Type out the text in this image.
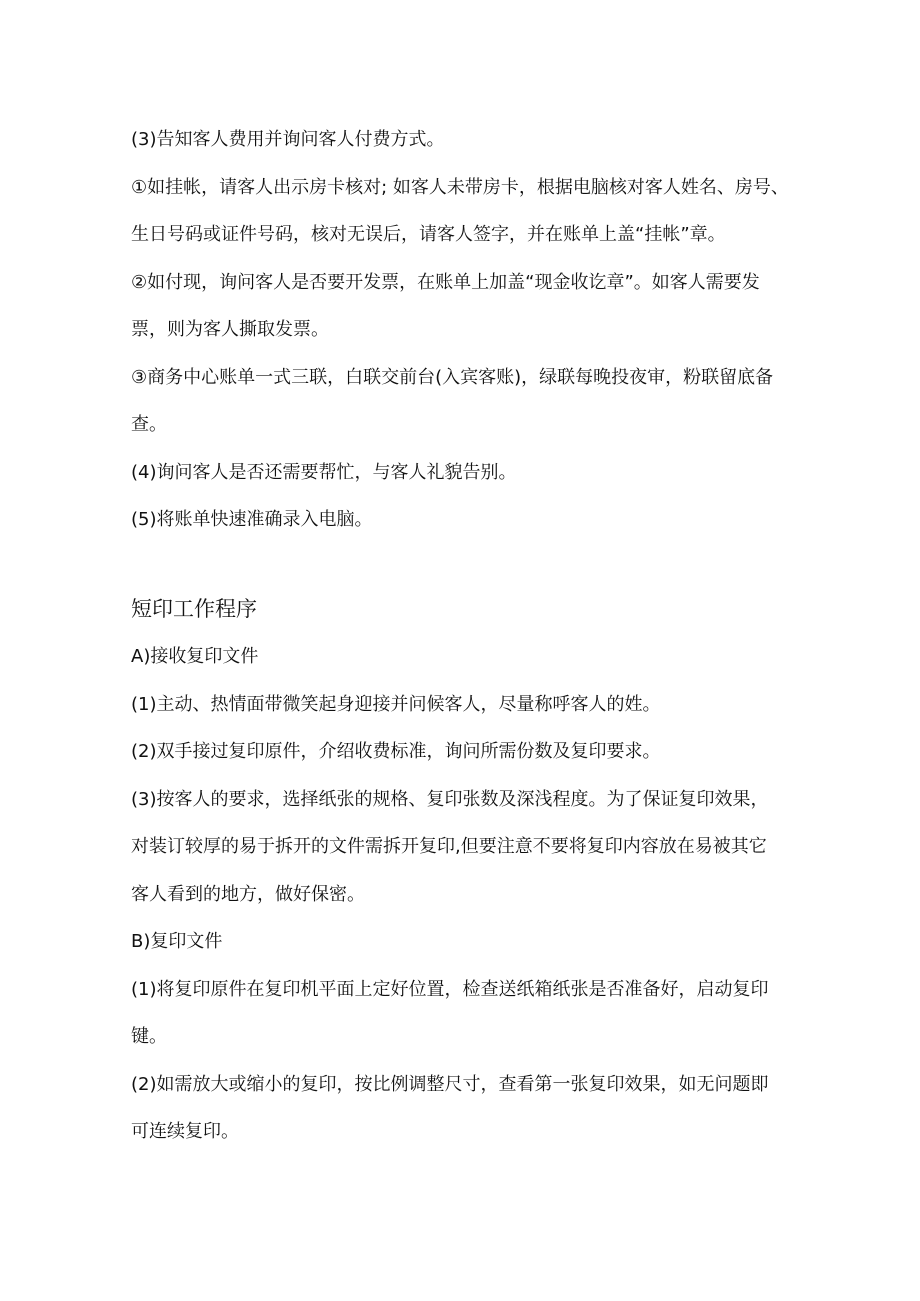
(3)告知客人费用并询问客人付费方式。

①如挂帐，请客人出示房卡核对; 如客人未带房卡，根据电脑核对客人姓名、房号、

生日号码或证件号码，核对无误后，请客人签字，并在账单上盖“挂帐”章。

②如付现，询问客人是否要开发票，在账单上加盖“现金收讫章”。如客人需要发

票，则为客人撕取发票。

③商务中心账单一式三联，白联交前台(入宾客账)，绿联每晚投夜审，粉联留底备

查。

(4)询问客人是否还需要帮忙，与客人礼貌告别。

(5)将账单快速准确录入电脑。

短印工作程序

A)接收复印文件

(1)主动、热情面带微笑起身迎接并问候客人，尽量称呼客人的姓。

(2)双手接过复印原件，介绍收费标准，询问所需份数及复印要求。

(3)按客人的要求，选择纸张的规格、复印张数及深浅程度。为了保证复印效果，

对装订较厚的易于拆开的文件需拆开复印,但要注意不要将复印内容放在易被其它

客人看到的地方，做好保密。

B)复印文件

(1)将复印原件在复印机平面上定好位置，检查送纸箱纸张是否准备好，启动复印

键。

(2)如需放大或缩小的复印，按比例调整尺寸，查看第一张复印效果，如无问题即

可连续复印。
